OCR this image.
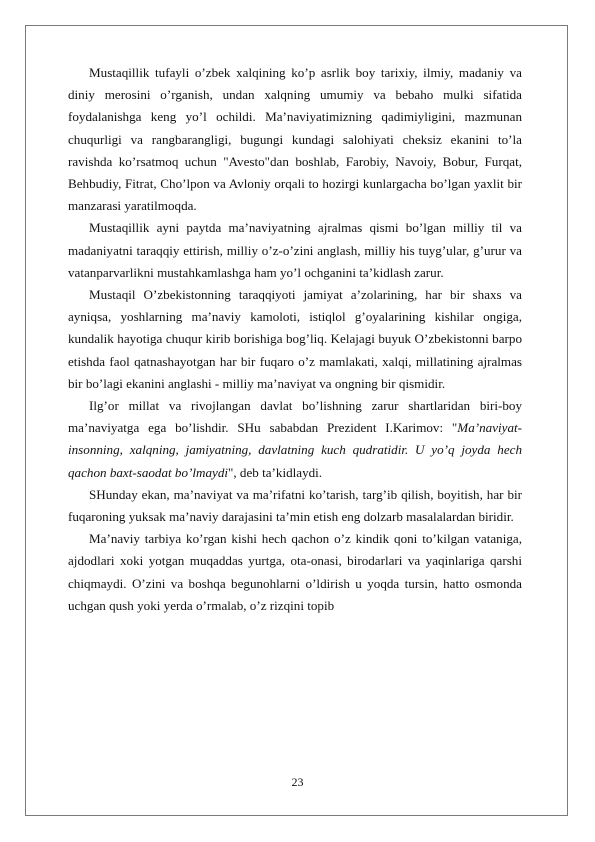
Mustaqillik tufayli o’zbek xalqining ko’p asrlik boy tarixiy, ilmiy, madaniy va diniy merosini o’rganish, undan xalqning umumiy va bebaho mulki sifatida foydalanishga keng yo’l ochildi. Ma’naviyatimizning qadimiyligini, mazmunan chuqurligi va rangbarangligi, bugungi kundagi salohiyati cheksiz ekanini to’la ravishda ko’rsatmoq uchun "Avesto"dan boshlab, Farobiy, Navoiy, Bobur, Furqat, Behbudiy, Fitrat, Cho’lpon va Avloniy orqali to hozirgi kunlargacha bo’lgan yaxlit bir manzarasi yaratilmoqda.

Mustaqillik ayni paytda ma’naviyatning ajralmas qismi bo’lgan milliy til va madaniyatni taraqqiy ettirish, milliy o’z-o’zini anglash, milliy his tuyg’ular, g’urur va vatanparvarlikni mustahkamlashga ham yo’l ochganini ta’kidlash zarur.

Mustaqil O’zbekistonning taraqqiyoti jamiyat a’zolarining, har bir shaxs va ayniqsa, yoshlarning ma’naviy kamoloti, istiqlol g’oyalarining kishilar ongiga, kundalik hayotiga chuqur kirib borishiga bog’liq. Kelajagi buyuk O’zbekistonni barpo etishda faol qatnashayotgan har bir fuqaro o’z mamlakati, xalqi, millatining ajralmas bir bo’lagi ekanini anglashi - milliy ma’naviyat va ongning bir qismidir.

Ilg’or millat va rivojlangan davlat bo’lishning zarur shartlaridan biri-boy ma’naviyatga ega bo’lishdir. SHu sababdan Prezident I.Karimov: "Ma’naviyat-insonning, xalqning, jamiyatning, davlatning kuch qudratidir. U yo’q joyda hech qachon baxt-saodat bo’lmaydi", deb ta’kidlaydi.

SHunday ekan, ma’naviyat va ma’rifatni ko’tarish, targ’ib qilish, boyitish, har bir fuqaroning yuksak ma’naviy darajasini ta’min etish eng dolzarb masalalardan biridir.

Ma’naviy tarbiya ko’rgan kishi hech qachon o’z kindik qoni to’kilgan vataniga, ajdodlari xoki yotgan muqaddas yurtga, ota-onasi, birodarlari va yaqinlariga qarshi chiqmaydi. O’zini va boshqa begunohlarni o’ldirish u yoqda tursin, hatto osmonda uchgan qush yoki yerda o’rmalab, o’z rizqini topib

23
